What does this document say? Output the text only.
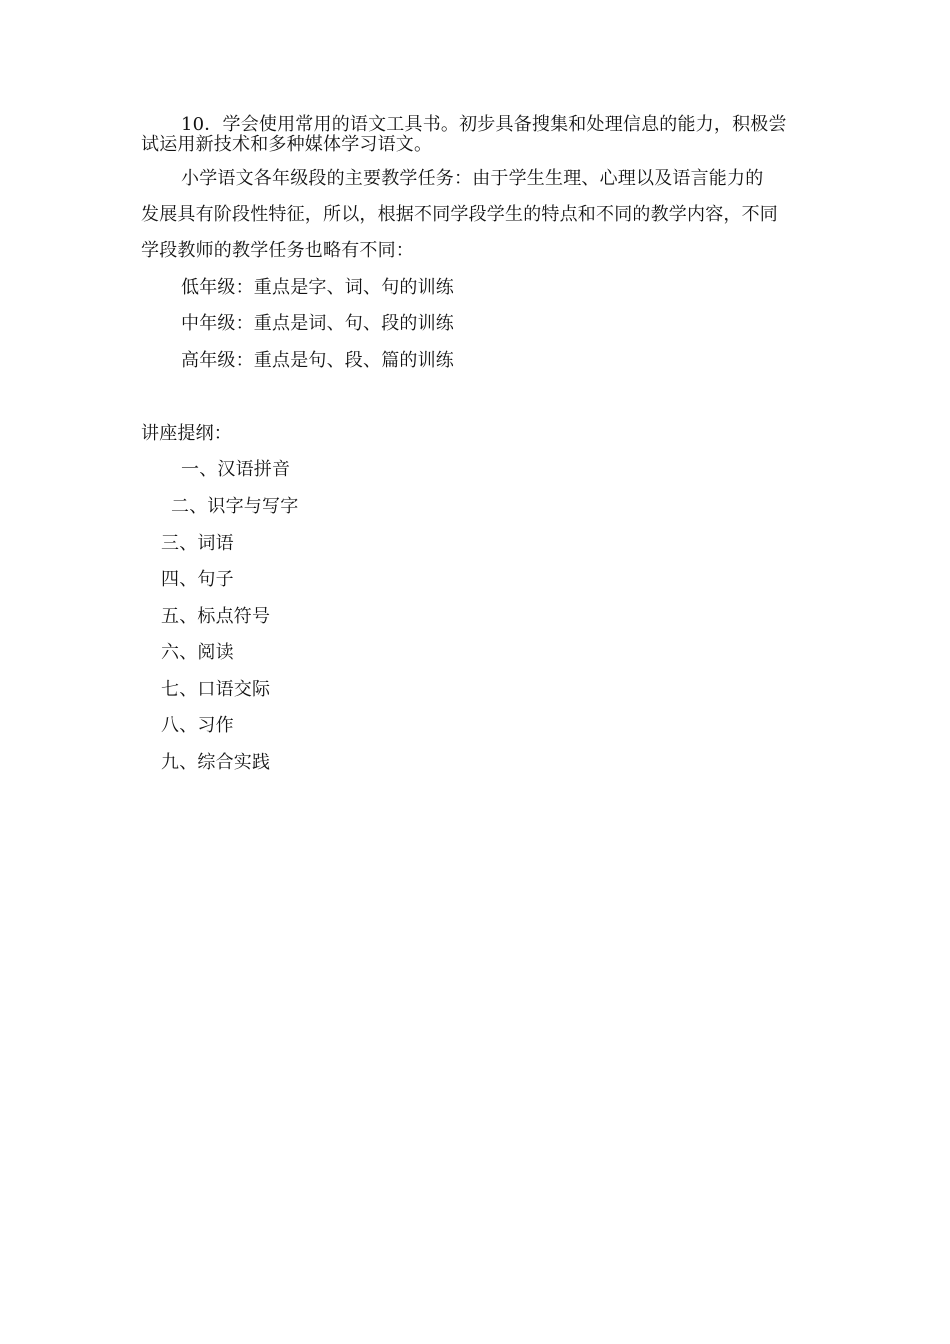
10．学会使用常用的语文工具书。初步具备搜集和处理信息的能力，积极尝
试运用新技术和多种媒体学习语文。
小学语文各年级段的主要教学任务：由于学生生理、心理以及语言能力的
发展具有阶段性特征，所以，根据不同学段学生的特点和不同的教学内容，不同
学段教师的教学任务也略有不同：
低年级：重点是字、词、句的训练
中年级：重点是词、句、段的训练
高年级：重点是句、段、篇的训练
讲座提纲：
一、汉语拼音
二、识字与写字
三、词语
四、句子
五、标点符号
六、阅读
七、口语交际
八、习作
九、综合实践
